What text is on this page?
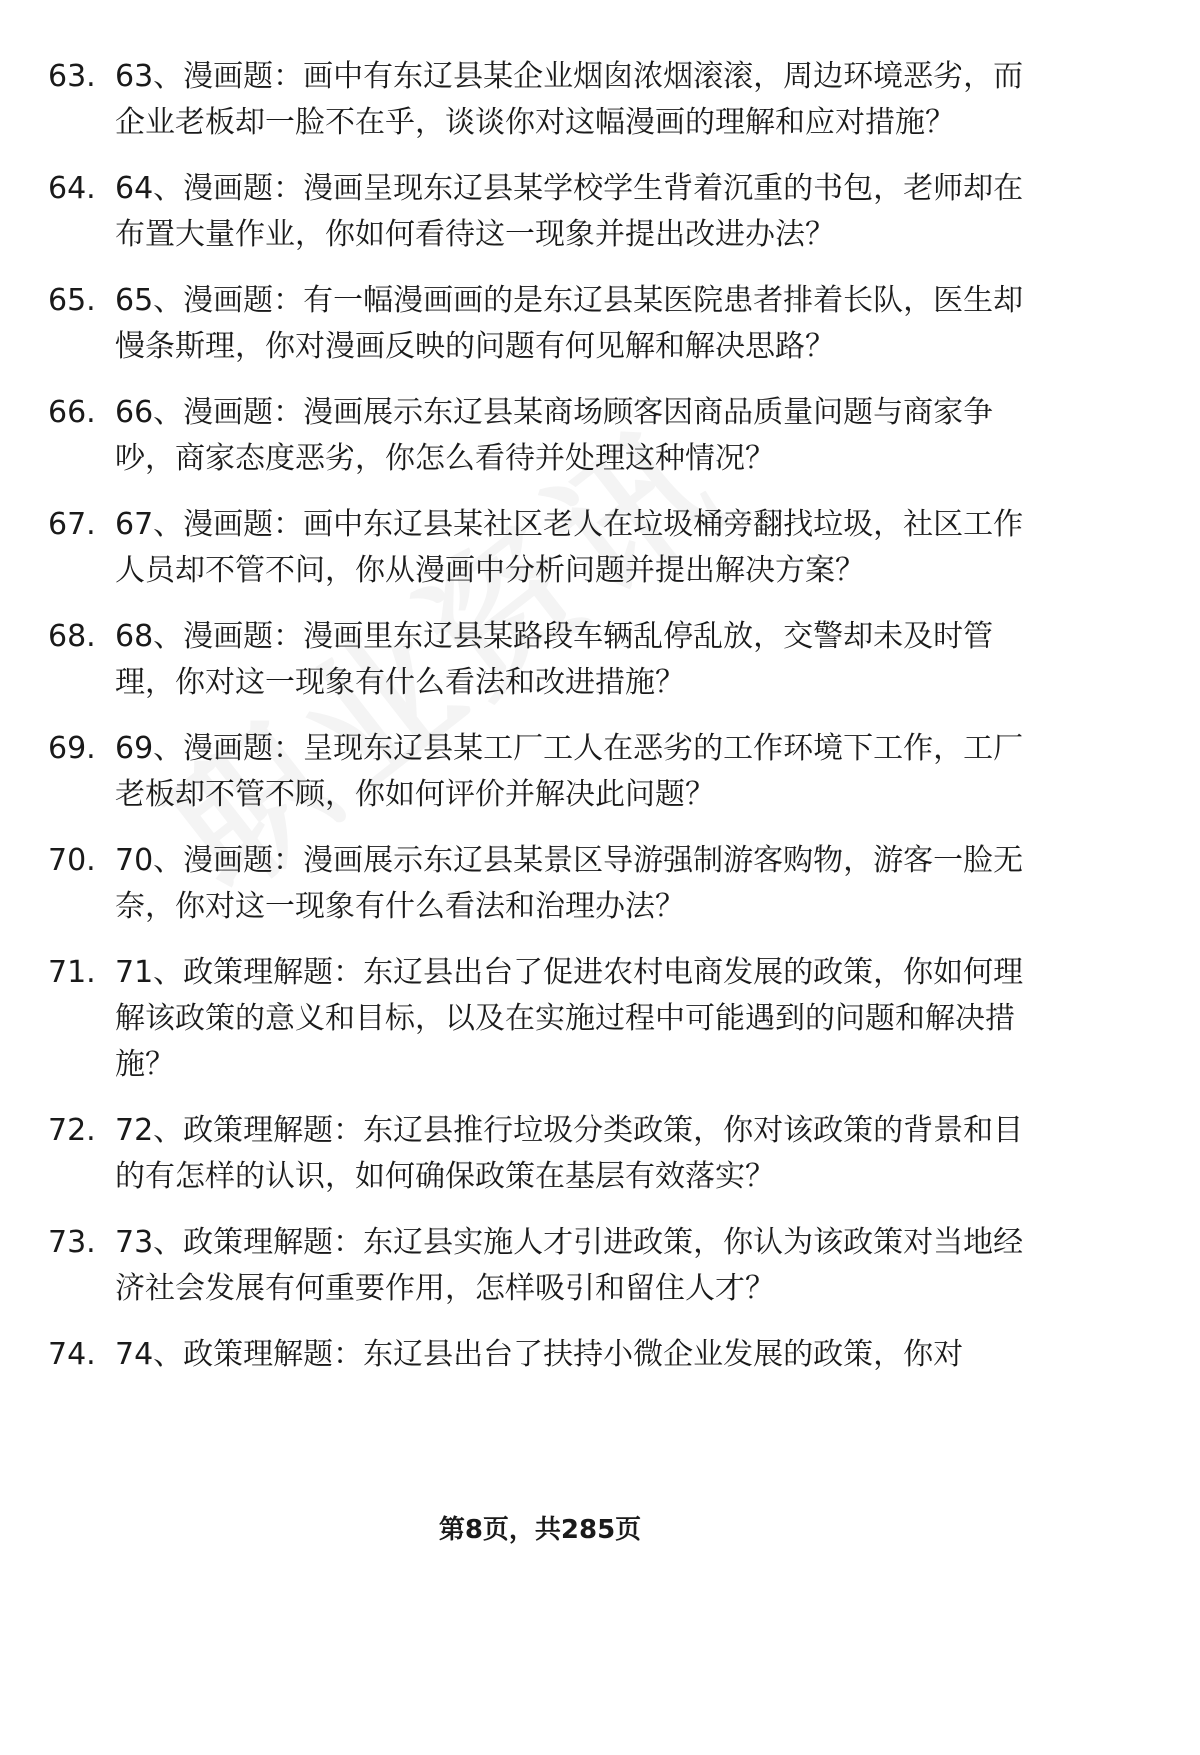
63. 63、漫画题：画中有东辽县某企业烟囱浓烟滚滚，周边环境恶劣，而企业老板却一脸不在乎，谈谈你对这幅漫画的理解和应对措施？
64. 64、漫画题：漫画呈现东辽县某学校学生背着沉重的书包，老师却在布置大量作业，你如何看待这一现象并提出改进办法？
65. 65、漫画题：有一幅漫画画的是东辽县某医院患者排着长队，医生却慢条斯理，你对漫画反映的问题有何见解和解决思路？
66. 66、漫画题：漫画展示东辽县某商场顾客因商品质量问题与商家争吵，商家态度恶劣，你怎么看待并处理这种情况？
67. 67、漫画题：画中东辽县某社区老人在垃圾桶旁翻找垃圾，社区工作人员却不管不问，你从漫画中分析问题并提出解决方案？
68. 68、漫画题：漫画里东辽县某路段车辆乱停乱放，交警却未及时管理，你对这一现象有什么看法和改进措施？
69. 69、漫画题：呈现东辽县某工厂工人在恶劣的工作环境下工作，工厂老板却不管不顾，你如何评价并解决此问题？
70. 70、漫画题：漫画展示东辽县某景区导游强制游客购物，游客一脸无奈，你对这一现象有什么看法和治理办法？
71. 71、政策理解题：东辽县出台了促进农村电商发展的政策，你如何理解该政策的意义和目标，以及在实施过程中可能遇到的问题和解决措施？
72. 72、政策理解题：东辽县推行垃圾分类政策，你对该政策的背景和目的有怎样的认识，如何确保政策在基层有效落实？
73. 73、政策理解题：东辽县实施人才引进政策，你认为该政策对当地经济社会发展有何重要作用，怎样吸引和留住人才？
74. 74、政策理解题：东辽县出台了扶持小微企业发展的政策，你对
第8页，共285页
